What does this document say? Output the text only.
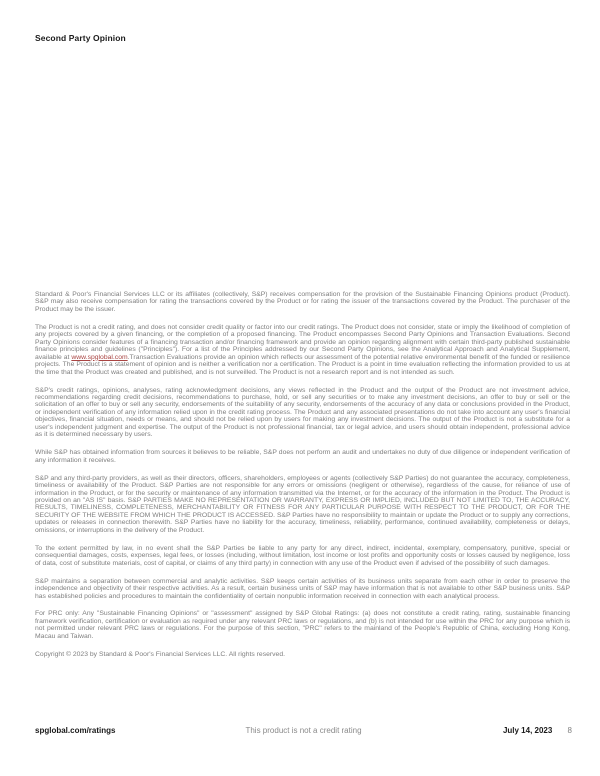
Second Party Opinion

Standard & Poor's Financial Services LLC or its affiliates (collectively, S&P) receives compensation for the provision of the Sustainable Financing Opinions product (Product). S&P may also receive compensation for rating the transactions covered by the Product or for rating the issuer of the transactions covered by the Product. The purchaser of the Product may be the issuer.

The Product is not a credit rating, and does not consider credit quality or factor into our credit ratings. The Product does not consider, state or imply the likelihood of completion of any projects covered by a given financing, or the completion of a proposed financing. The Product encompasses Second Party Opinions and Transaction Evaluations. Second Party Opinions consider features of a financing transaction and/or financing framework and provide an opinion regarding alignment with certain third-party published sustainable finance principles and guidelines ("Principles"). For a list of the Principles addressed by our Second Party Opinions, see the Analytical Approach and Analytical Supplement, available at www.spglobal.com.Transaction Evaluations provide an opinion which reflects our assessment of the potential relative environmental benefit of the funded or resilience projects. The Product is a statement of opinion and is neither a verification nor a certification. The Product is a point in time evaluation reflecting the information provided to us at the time that the Product was created and published, and is not surveilled. The Product is not a research report and is not intended as such.

S&P's credit ratings, opinions, analyses, rating acknowledgment decisions, any views reflected in the Product and the output of the Product are not investment advice, recommendations regarding credit decisions, recommendations to purchase, hold, or sell any securities or to make any investment decisions, an offer to buy or sell or the solicitation of an offer to buy or sell any security, endorsements of the suitability of any security, endorsements of the accuracy of any data or conclusions provided in the Product, or independent verification of any information relied upon in the credit rating process. The Product and any associated presentations do not take into account any user's financial objectives, financial situation, needs or means, and should not be relied upon by users for making any investment decisions. The output of the Product is not a substitute for a user's independent judgment and expertise. The output of the Product is not professional financial, tax or legal advice, and users should obtain independent, professional advice as it is determined necessary by users.

While S&P has obtained information from sources it believes to be reliable, S&P does not perform an audit and undertakes no duty of due diligence or independent verification of any information it receives.

S&P and any third-party providers, as well as their directors, officers, shareholders, employees or agents (collectively S&P Parties) do not guarantee the accuracy, completeness, timeliness or availability of the Product. S&P Parties are not responsible for any errors or omissions (negligent or otherwise), regardless of the cause, for reliance of use of information in the Product, or for the security or maintenance of any information transmitted via the Internet, or for the accuracy of the information in the Product. The Product is provided on an "AS IS" basis. S&P PARTIES MAKE NO REPRESENTATION OR WARRANTY, EXPRESS OR IMPLIED, INCLUDED BUT NOT LIMITED TO, THE ACCURACY, RESULTS, TIMELINESS, COMPLETENESS, MERCHANTABILITY OR FITNESS FOR ANY PARTICULAR PURPOSE WITH RESPECT TO THE PRODUCT, OR FOR THE SECURITY OF THE WEBSITE FROM WHICH THE PRODUCT IS ACCESSED. S&P Parties have no responsibility to maintain or update the Product or to supply any corrections, updates or releases in connection therewith. S&P Parties have no liability for the accuracy, timeliness, reliability, performance, continued availability, completeness or delays, omissions, or interruptions in the delivery of the Product.

To the extent permitted by law, in no event shall the S&P Parties be liable to any party for any direct, indirect, incidental, exemplary, compensatory, punitive, special or consequential damages, costs, expenses, legal fees, or losses (including, without limitation, lost income or lost profits and opportunity costs or losses caused by negligence, loss of data, cost of substitute materials, cost of capital, or claims of any third party) in connection with any use of the Product even if advised of the possibility of such damages.

S&P maintains a separation between commercial and analytic activities. S&P keeps certain activities of its business units separate from each other in order to preserve the independence and objectivity of their respective activities. As a result, certain business units of S&P may have information that is not available to other S&P business units. S&P has established policies and procedures to maintain the confidentiality of certain nonpublic information received in connection with each analytical process.

For PRC only: Any "Sustainable Financing Opinions" or "assessment" assigned by S&P Global Ratings: (a) does not constitute a credit rating, rating, sustainable financing framework verification, certification or evaluation as required under any relevant PRC laws or regulations, and (b) is not intended for use within the PRC for any purpose which is not permitted under relevant PRC laws or regulations. For the purpose of this section, "PRC" refers to the mainland of the People's Republic of China, excluding Hong Kong, Macau and Taiwan.

Copyright © 2023 by Standard & Poor's Financial Services LLC. All rights reserved.

spglobal.com/ratings	This product is not a credit rating	July 14, 2023 8
